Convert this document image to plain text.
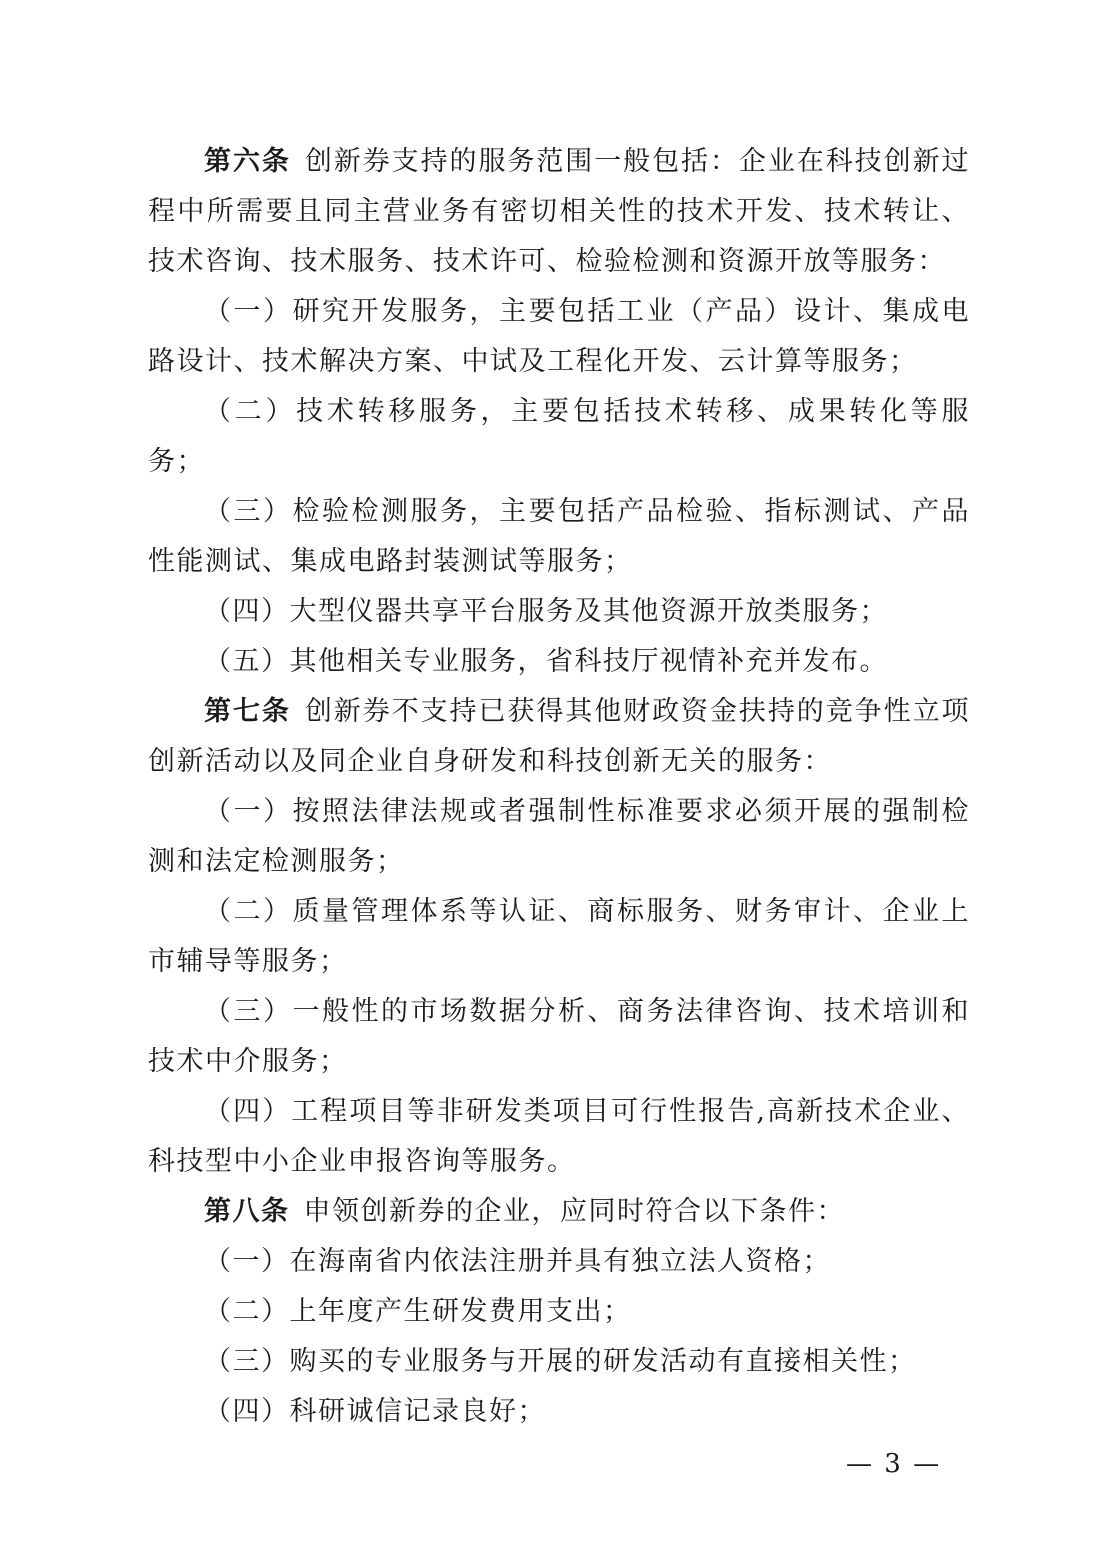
第六条 创新券支持的服务范围一般包括：企业在科技创新过程中所需要且同主营业务有密切相关性的技术开发、技术转让、技术咨询、技术服务、技术许可、检验检测和资源开放等服务：

（一）研究开发服务，主要包括工业（产品）设计、集成电路设计、技术解决方案、中试及工程化开发、云计算等服务；

（二）技术转移服务，主要包括技术转移、成果转化等服务；

（三）检验检测服务，主要包括产品检验、指标测试、产品性能测试、集成电路封装测试等服务；

（四）大型仪器共享平台服务及其他资源开放类服务；

（五）其他相关专业服务，省科技厅视情补充并发布。

第七条 创新券不支持已获得其他财政资金扶持的竞争性立项创新活动以及同企业自身研发和科技创新无关的服务：

（一）按照法律法规或者强制性标准要求必须开展的强制检测和法定检测服务；

（二）质量管理体系等认证、商标服务、财务审计、企业上市辅导等服务；

（三）一般性的市场数据分析、商务法律咨询、技术培训和技术中介服务；

（四）工程项目等非研发类项目可行性报告,高新技术企业、科技型中小企业申报咨询等服务。

第八条 申领创新券的企业，应同时符合以下条件：

（一）在海南省内依法注册并具有独立法人资格；

（二）上年度产生研发费用支出；

（三）购买的专业服务与开展的研发活动有直接相关性；

（四）科研诚信记录良好；

— 3 —
